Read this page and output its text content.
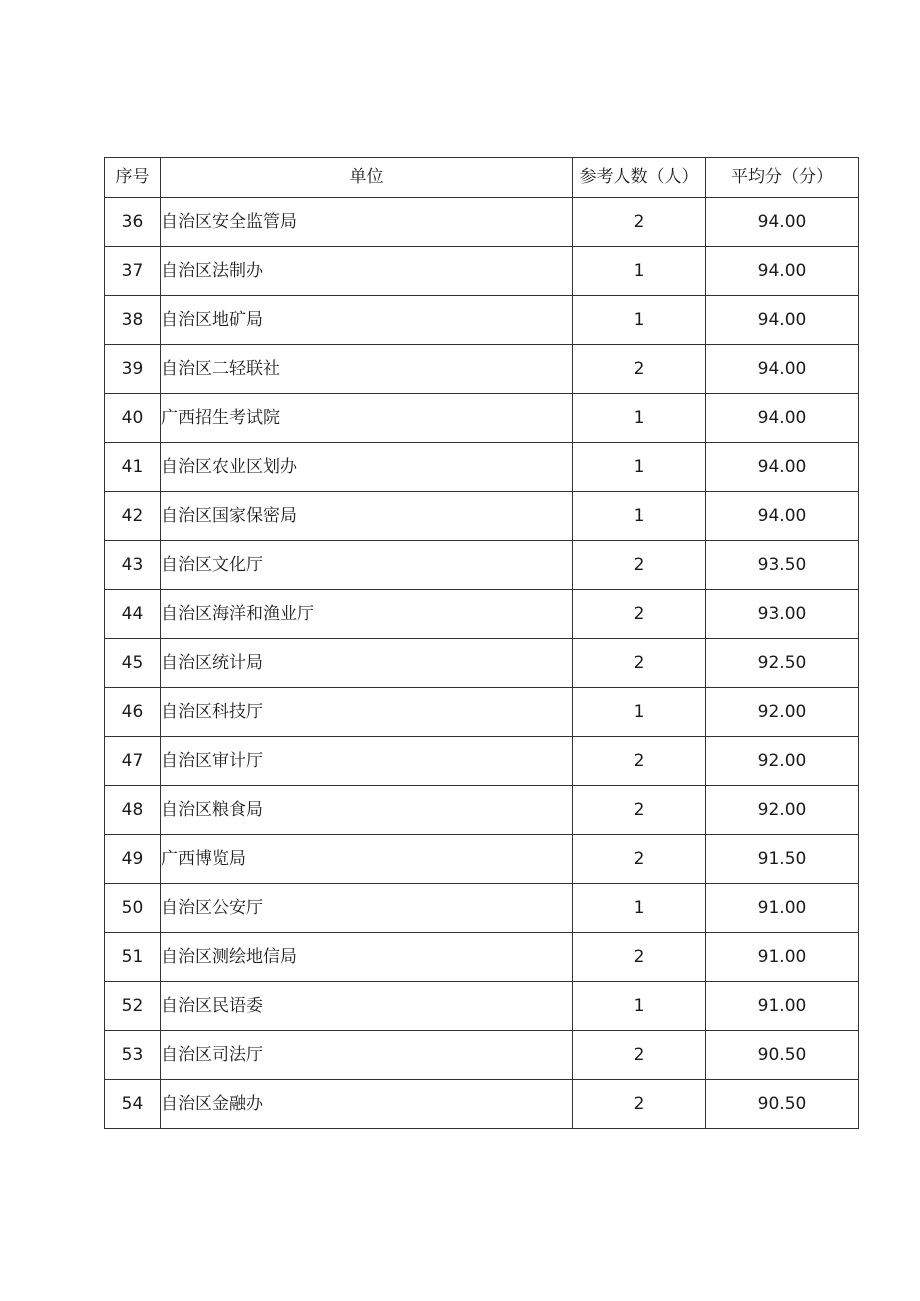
序号	单位	参考人数（人）	平均分（分）
36	自治区安全监管局	2	94.00
37	自治区法制办	1	94.00
38	自治区地矿局	1	94.00
39	自治区二轻联社	2	94.00
40	广西招生考试院	1	94.00
41	自治区农业区划办	1	94.00
42	自治区国家保密局	1	94.00
43	自治区文化厅	2	93.50
44	自治区海洋和渔业厅	2	93.00
45	自治区统计局	2	92.50
46	自治区科技厅	1	92.00
47	自治区审计厅	2	92.00
48	自治区粮食局	2	92.00
49	广西博览局	2	91.50
50	自治区公安厅	1	91.00
51	自治区测绘地信局	2	91.00
52	自治区民语委	1	91.00
53	自治区司法厅	2	90.50
54	自治区金融办	2	90.50
